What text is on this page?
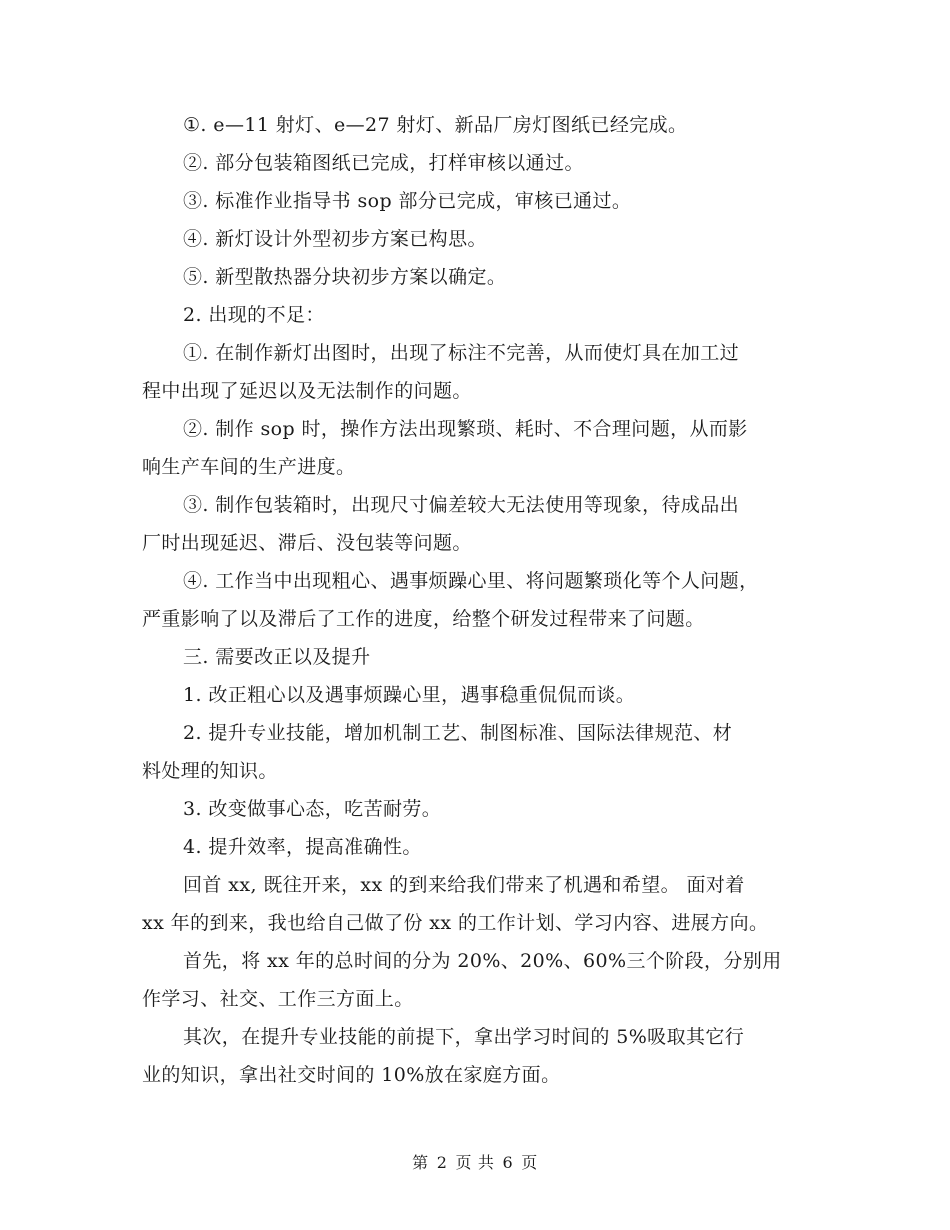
①. e—11 射灯、e—27 射灯、新品厂房灯图纸已经完成。
②. 部分包装箱图纸已完成，打样审核以通过。
③. 标准作业指导书 sop 部分已完成，审核已通过。
④. 新灯设计外型初步方案已构思。
⑤. 新型散热器分块初步方案以确定。
2. 出现的不足：
①. 在制作新灯出图时，出现了标注不完善，从而使灯具在加工过
程中出现了延迟以及无法制作的问题。
②. 制作 sop 时，操作方法出现繁琐、耗时、不合理问题，从而影
响生产车间的生产进度。
③. 制作包装箱时，出现尺寸偏差较大无法使用等现象，待成品出
厂时出现延迟、滞后、没包装等问题。
④. 工作当中出现粗心、遇事烦躁心里、将问题繁琐化等个人问题，
严重影响了以及滞后了工作的进度，给整个研发过程带来了问题。
三. 需要改正以及提升
1. 改正粗心以及遇事烦躁心里，遇事稳重侃侃而谈。
2. 提升专业技能，增加机制工艺、制图标准、国际法律规范、材
料处理的知识。
3. 改变做事心态，吃苦耐劳。
4. 提升效率，提高准确性。
回首 xx, 既往开来，xx 的到来给我们带来了机遇和希望。 面对着
xx 年的到来，我也给自己做了份 xx 的工作计划、学习内容、进展方向。
首先，将 xx 年的总时间的分为 20%、20%、60%三个阶段，分别用
作学习、社交、工作三方面上。
其次，在提升专业技能的前提下，拿出学习时间的 5%吸取其它行
业的知识，拿出社交时间的 10%放在家庭方面。
第 2 页 共 6 页
